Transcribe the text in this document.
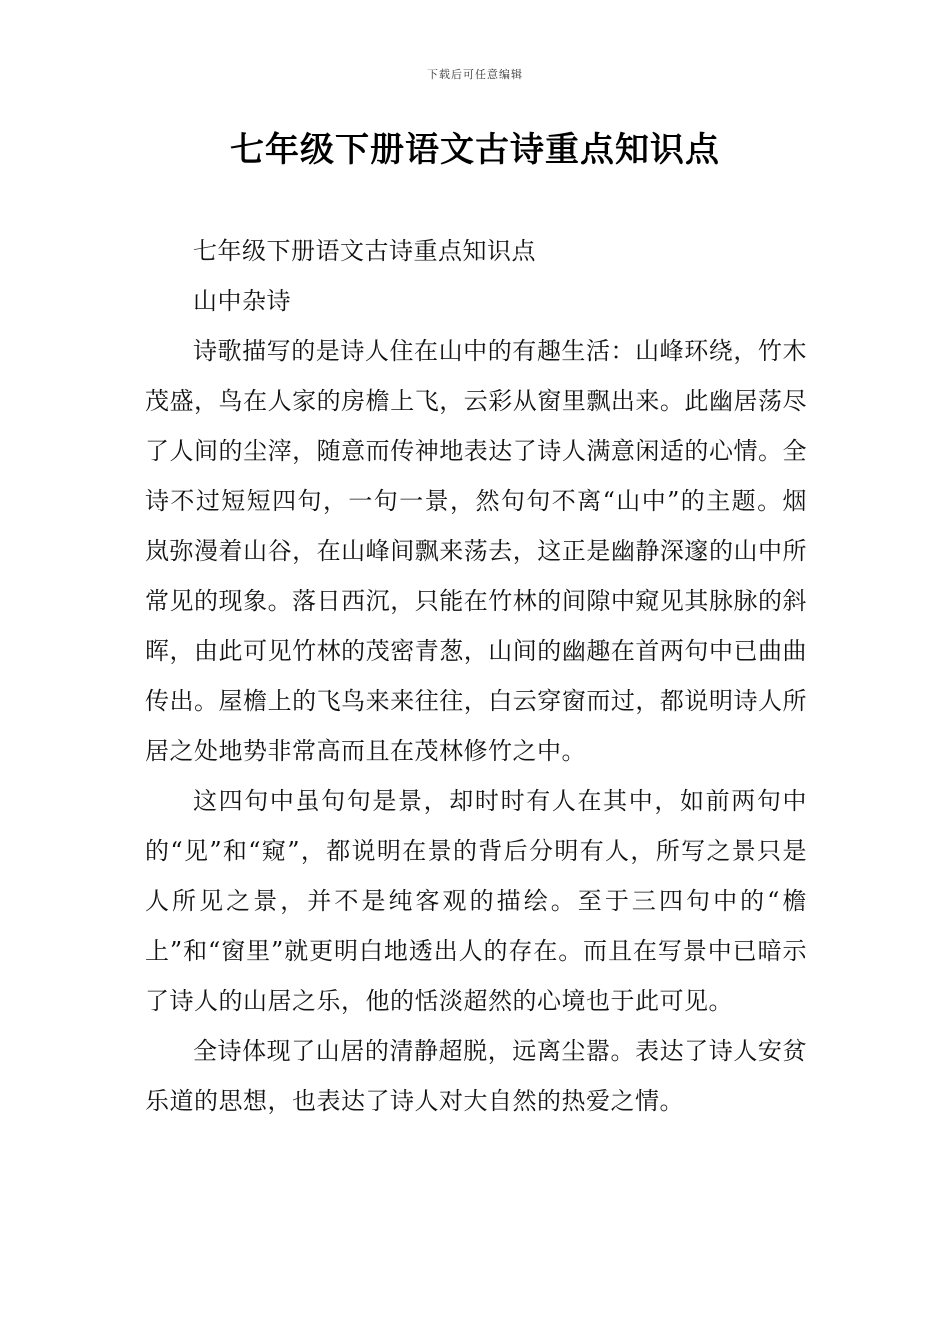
下载后可任意编辑
七年级下册语文古诗重点知识点

七年级下册语文古诗重点知识点

山中杂诗

诗歌描写的是诗人住在山中的有趣生活：山峰环绕，竹木茂盛，鸟在人家的房檐上飞，云彩从窗里飘出来。此幽居荡尽了人间的尘滓，随意而传神地表达了诗人满意闲适的心情。全诗不过短短四句，一句一景，然句句不离“山中”的主题。烟岚弥漫着山谷，在山峰间飘来荡去，这正是幽静深邃的山中所常见的现象。落日西沉，只能在竹林的间隙中窥见其脉脉的斜晖，由此可见竹林的茂密青葱，山间的幽趣在首两句中已曲曲传出。屋檐上的飞鸟来来往往，白云穿窗而过，都说明诗人所居之处地势非常高而且在茂林修竹之中。

这四句中虽句句是景，却时时有人在其中，如前两句中的“见”和“窥”，都说明在景的背后分明有人，所写之景只是人所见之景，并不是纯客观的描绘。至于三四句中的“檐上”和“窗里”就更明白地透出人的存在。而且在写景中已暗示了诗人的山居之乐，他的恬淡超然的心境也于此可见。

全诗体现了山居的清静超脱，远离尘嚣。表达了诗人安贫乐道的思想，也表达了诗人对大自然的热爱之情。
